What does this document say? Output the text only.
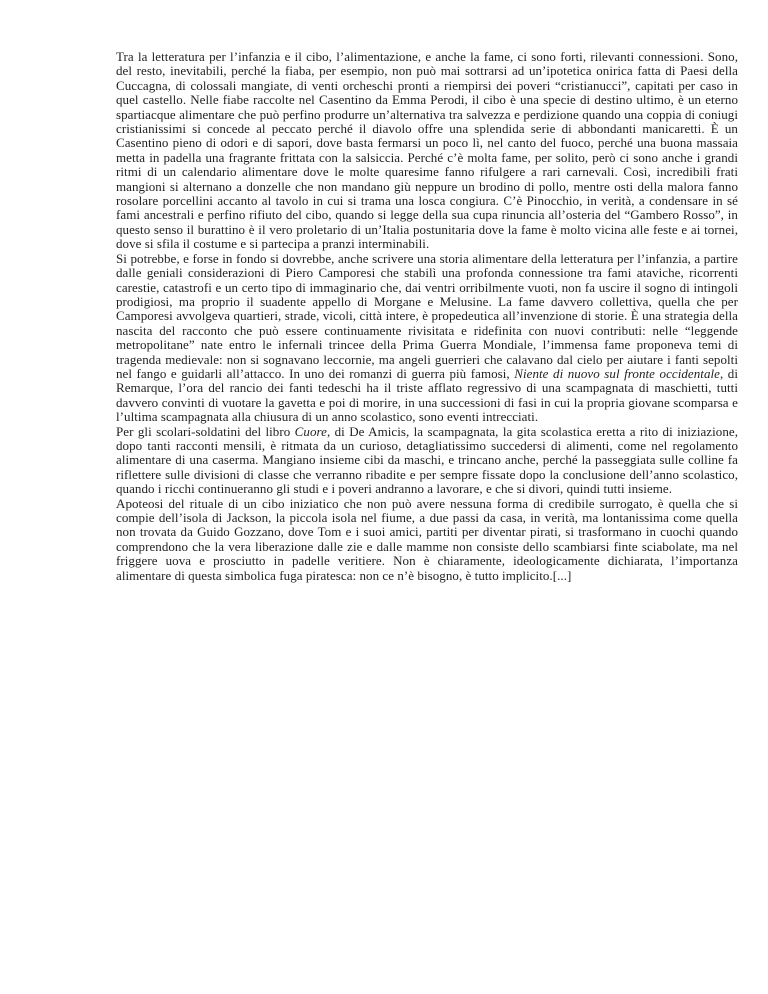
Tra la letteratura per l’infanzia e il cibo, l’alimentazione, e anche la fame, ci sono forti, rilevanti connessioni. Sono, del resto, inevitabili, perché la fiaba, per esempio, non può mai sottrarsi ad un’ipotetica onirica fatta di Paesi della Cuccagna, di colossali mangiate, di venti orcheschi pronti a riempirsi dei poveri “cristianucci”, capitati per caso in quel castello. Nelle fiabe raccolte nel Casentino da Emma Perodi, il cibo è una specie di destino ultimo, è un eterno spartiacque alimentare che può perfino produrre un’alternativa tra salvezza e perdizione quando una coppia di coniugi cristianissimi si concede al peccato perché il diavolo offre una splendida serie di abbondanti manicaretti. È un Casentino pieno di odori e di sapori, dove basta fermarsi un poco lì, nel canto del fuoco, perché una buona massaia metta in padella una fragrante frittata con la salsiccia. Perché c’è molta fame, per solito, però ci sono anche i grandi ritmi di un calendario alimentare dove le molte quaresime fanno rifulgere a rari carnevali. Così, incredibili frati mangioni si alternano a donzelle che non mandano giù neppure un brodino di pollo, mentre osti della malora fanno rosolare porcellini accanto al tavolo in cui si trama una losca congiura. C’è Pinocchio, in verità, a condensare in sé fami ancestrali e perfino rifiuto del cibo, quando si legge della sua cupa rinuncia all’osteria del “Gambero Rosso”, in questo senso il burattino è il vero proletario di un’Italia postunitaria dove la fame è molto vicina alle feste e ai tornei, dove si sfila il costume e si partecipa a pranzi interminabili.

Si potrebbe, e forse in fondo si dovrebbe, anche scrivere una storia alimentare della letteratura per l’infanzia, a partire dalle geniali considerazioni di Piero Camporesi che stabilì una profonda connessione tra fami ataviche, ricorrenti carestie, catastrofi e un certo tipo di immaginario che, dai ventri orribilmente vuoti, non fa uscire il sogno di intingoli prodigiosi, ma proprio il suadente appello di Morgane e Melusine. La fame davvero collettiva, quella che per Camporesi avvolgeva quartieri, strade, vicoli, città intere, è propedeutica all’invenzione di storie. È una strategia della nascita del racconto che può essere continuamente rivisitata e ridefinita con nuovi contributi: nelle “leggende metropolitane” nate entro le infernali trincee della Prima Guerra Mondiale, l’immensa fame proponeva temi di tragenda medievale: non si sognavano leccornie, ma angeli guerrieri che calavano dal cielo per aiutare i fanti sepolti nel fango e guidarli all’attacco. In uno dei romanzi di guerra più famosi, Niente di nuovo sul fronte occidentale, di Remarque, l’ora del rancio dei fanti tedeschi ha il triste afflato regressivo di una scampagnata di maschietti, tutti davvero convinti di vuotare la gavetta e poi di morire, in una successioni di fasi in cui la propria giovane scomparsa e l’ultima scampagnata alla chiusura di un anno scolastico, sono eventi intrecciati.

Per gli scolari-soldatini del libro Cuore, di De Amicis, la scampagnata, la gita scolastica eretta a rito di iniziazione, dopo tanti racconti mensili, è ritmata da un curioso, detagliatissimo succedersi di alimenti, come nel regolamento alimentare di una caserma. Mangiano insieme cibi da maschi, e trincano anche, perché la passeggiata sulle colline fa riflettere sulle divisioni di classe che verranno ribadite e per sempre fissate dopo la conclusione dell’anno scolastico, quando i ricchi continueranno gli studi e i poveri andranno a lavorare, e che si divori, quindi tutti insieme.

Apoteosi del rituale di un cibo iniziatico che non può avere nessuna forma di credibile surrogato, è quella che si compie dell’isola di Jackson, la piccola isola nel fiume, a due passi da casa, in verità, ma lontanissima come quella non trovata da Guido Gozzano, dove Tom e i suoi amici, partiti per diventar pirati, si trasformano in cuochi quando comprendono che la vera liberazione dalle zie e dalle mamme non consiste dello scambiarsi finte sciabolate, ma nel friggere uova e prosciutto in padelle veritiere. Non è chiaramente, ideologicamente dichiarata, l’importanza alimentare di questa simbolica fuga piratesca: non ce n’è bisogno, è tutto implicito.[...]
